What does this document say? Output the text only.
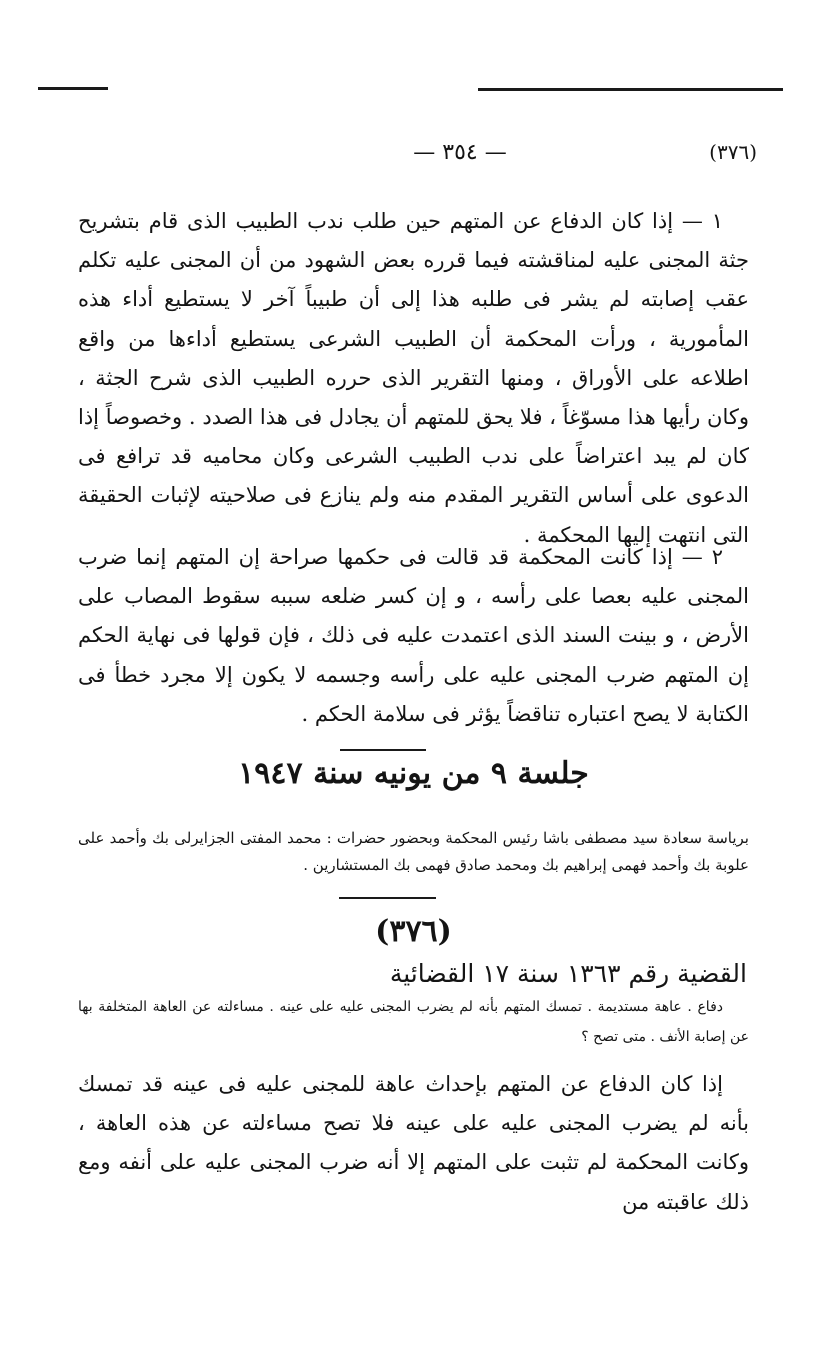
— ٣٥٤ —	(٣٧٦)

١ — إذا كان الدفاع عن المتهم حين طلب ندب الطبيب الذى قام بتشريح جثة المجنى عليه لمناقشته فيما قرره بعض الشهود من أن المجنى عليه تكلم عقب إصابته لم يشر فى طلبه هذا إلى أن طبيباً آخر لا يستطيع أداء هذه المأمورية ، ورأت المحكمة أن الطبيب الشرعى يستطيع أداءها من واقع اطلاعه على الأوراق ، ومنها التقرير الذى حرره الطبيب الذى شرح الجثة ، وكان رأيها هذا مسوّغاً ، فلا يحق للمتهم أن يجادل فى هذا الصدد . وخصوصاً إذا كان لم يبد اعتراضاً على ندب الطبيب الشرعى وكان محاميه قد ترافع فى الدعوى على أساس التقرير المقدم منه ولم ينازع فى صلاحيته لإثبات الحقيقة التى انتهت إليها المحكمة .

٢ — إذا كانت المحكمة قد قالت فى حكمها صراحة إن المتهم إنما ضرب المجنى عليه بعصا على رأسه ، و إن كسر ضلعه سببه سقوط المصاب على الأرض ، و بينت السند الذى اعتمدت عليه فى ذلك ، فإن قولها فى نهاية الحكم إن المتهم ضرب المجنى عليه على رأسه وجسمه لا يكون إلا مجرد خطأ فى الكتابة لا يصح اعتباره تناقضاً يؤثر فى سلامة الحكم .

جلسة ٩ من يونيه سنة ١٩٤٧

برياسة سعادة سيد مصطفى باشا رئيس المحكمة وبحضور حضرات : محمد المفتى الجزايرلى بك وأحمد على علوبة بك وأحمد فهمى إبراهيم بك ومحمد صادق فهمى بك المستشارين .

(٣٧٦)
القضية رقم ١٣٦٣ سنة ١٧ القضائية

دفاع . عاهة مستديمة . تمسك المتهم بأنه لم يضرب المجنى عليه على عينه . مساءلته عن العاهة المتخلفة بها عن إصابة الأنف . متى تصح ؟

إذا كان الدفاع عن المتهم بإحداث عاهة للمجنى عليه فى عينه قد تمسك بأنه لم يضرب المجنى عليه على عينه فلا تصح مساءلته عن هذه العاهة ، وكانت المحكمة لم تثبت على المتهم إلا أنه ضرب المجنى عليه على أنفه ومع ذلك عاقبته من
